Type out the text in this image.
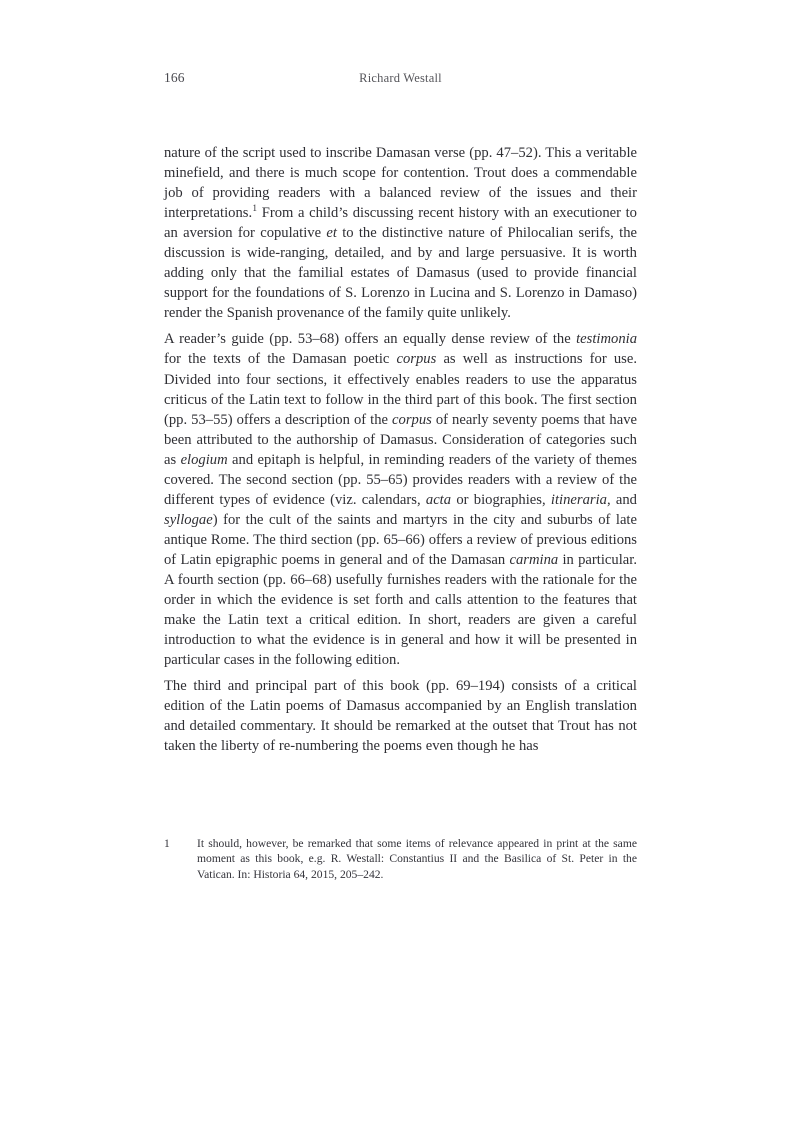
166	Richard Westall

nature of the script used to inscribe Damasan verse (pp. 47–52). This a veritable minefield, and there is much scope for contention. Trout does a commendable job of providing readers with a balanced review of the issues and their interpretations.$^1$ From a child’s discussing recent history with an executioner to an aversion for copulative et to the distinctive nature of Philocalian serifs, the discussion is wide-ranging, detailed, and by and large persuasive. It is worth adding only that the familial estates of Damasus (used to provide financial support for the foundations of S. Lorenzo in Lucina and S. Lorenzo in Damaso) render the Spanish provenance of the family quite unlikely.

A reader’s guide (pp. 53–68) offers an equally dense review of the testimonia for the texts of the Damasan poetic corpus as well as instructions for use. Divided into four sections, it effectively enables readers to use the apparatus criticus of the Latin text to follow in the third part of this book. The first section (pp. 53–55) offers a description of the corpus of nearly seventy poems that have been attributed to the authorship of Damasus. Consideration of categories such as elogium and epitaph is helpful, in reminding readers of the variety of themes covered. The second section (pp. 55–65) provides readers with a review of the different types of evidence (viz. calendars, acta or biographies, itineraria, and syllogae) for the cult of the saints and martyrs in the city and suburbs of late antique Rome. The third section (pp. 65–66) offers a review of previous editions of Latin epigraphic poems in general and of the Damasan carmina in particular. A fourth section (pp. 66–68) usefully furnishes readers with the rationale for the order in which the evidence is set forth and calls attention to the features that make the Latin text a critical edition. In short, readers are given a careful introduction to what the evidence is in general and how it will be presented in particular cases in the following edition.

The third and principal part of this book (pp. 69–194) consists of a critical edition of the Latin poems of Damasus accompanied by an English translation and detailed commentary. It should be remarked at the outset that Trout has not taken the liberty of re-numbering the poems even though he has

1	It should, however, be remarked that some items of relevance appeared in print at the same moment as this book, e.g. R. Westall: Constantius II and the Basilica of St. Peter in the Vatican. In: Historia 64, 2015, 205–242.
